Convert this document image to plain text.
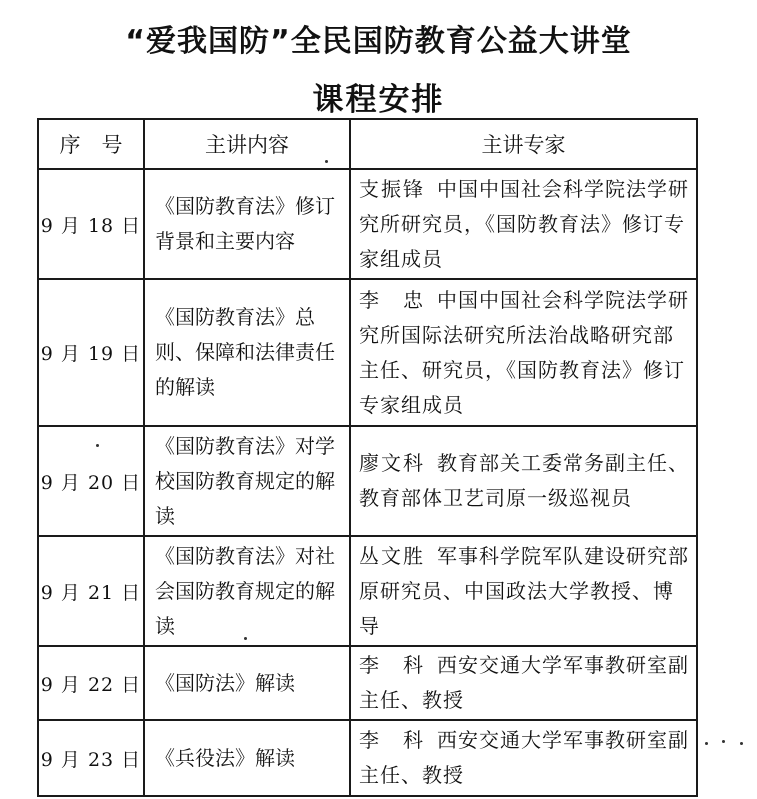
“爱我国防”全民国防教育公益大讲堂
课程安排
序　号	主讲内容	主讲专家
9 月 18 日	《国防教育法》修订背景和主要内容	支振锋 中国中国社会科学院法学研究所研究员，《国防教育法》修订专家组成员
9 月 19 日	《国防教育法》总则、保障和法律责任的解读	李　忠 中国中国社会科学院法学研究所国际法研究所法治战略研究部主任、研究员，《国防教育法》修订专家组成员
9 月 20 日	《国防教育法》对学校国防教育规定的解读	廖文科 教育部关工委常务副主任、教育部体卫艺司原一级巡视员
9 月 21 日	《国防教育法》对社会国防教育规定的解读	丛文胜 军事科学院军队建设研究部原研究员、中国政法大学教授、博导
9 月 22 日	《国防法》解读	李　科 西安交通大学军事教研室副主任、教授
9 月 23 日	《兵役法》解读	李　科 西安交通大学军事教研室副主任、教授
